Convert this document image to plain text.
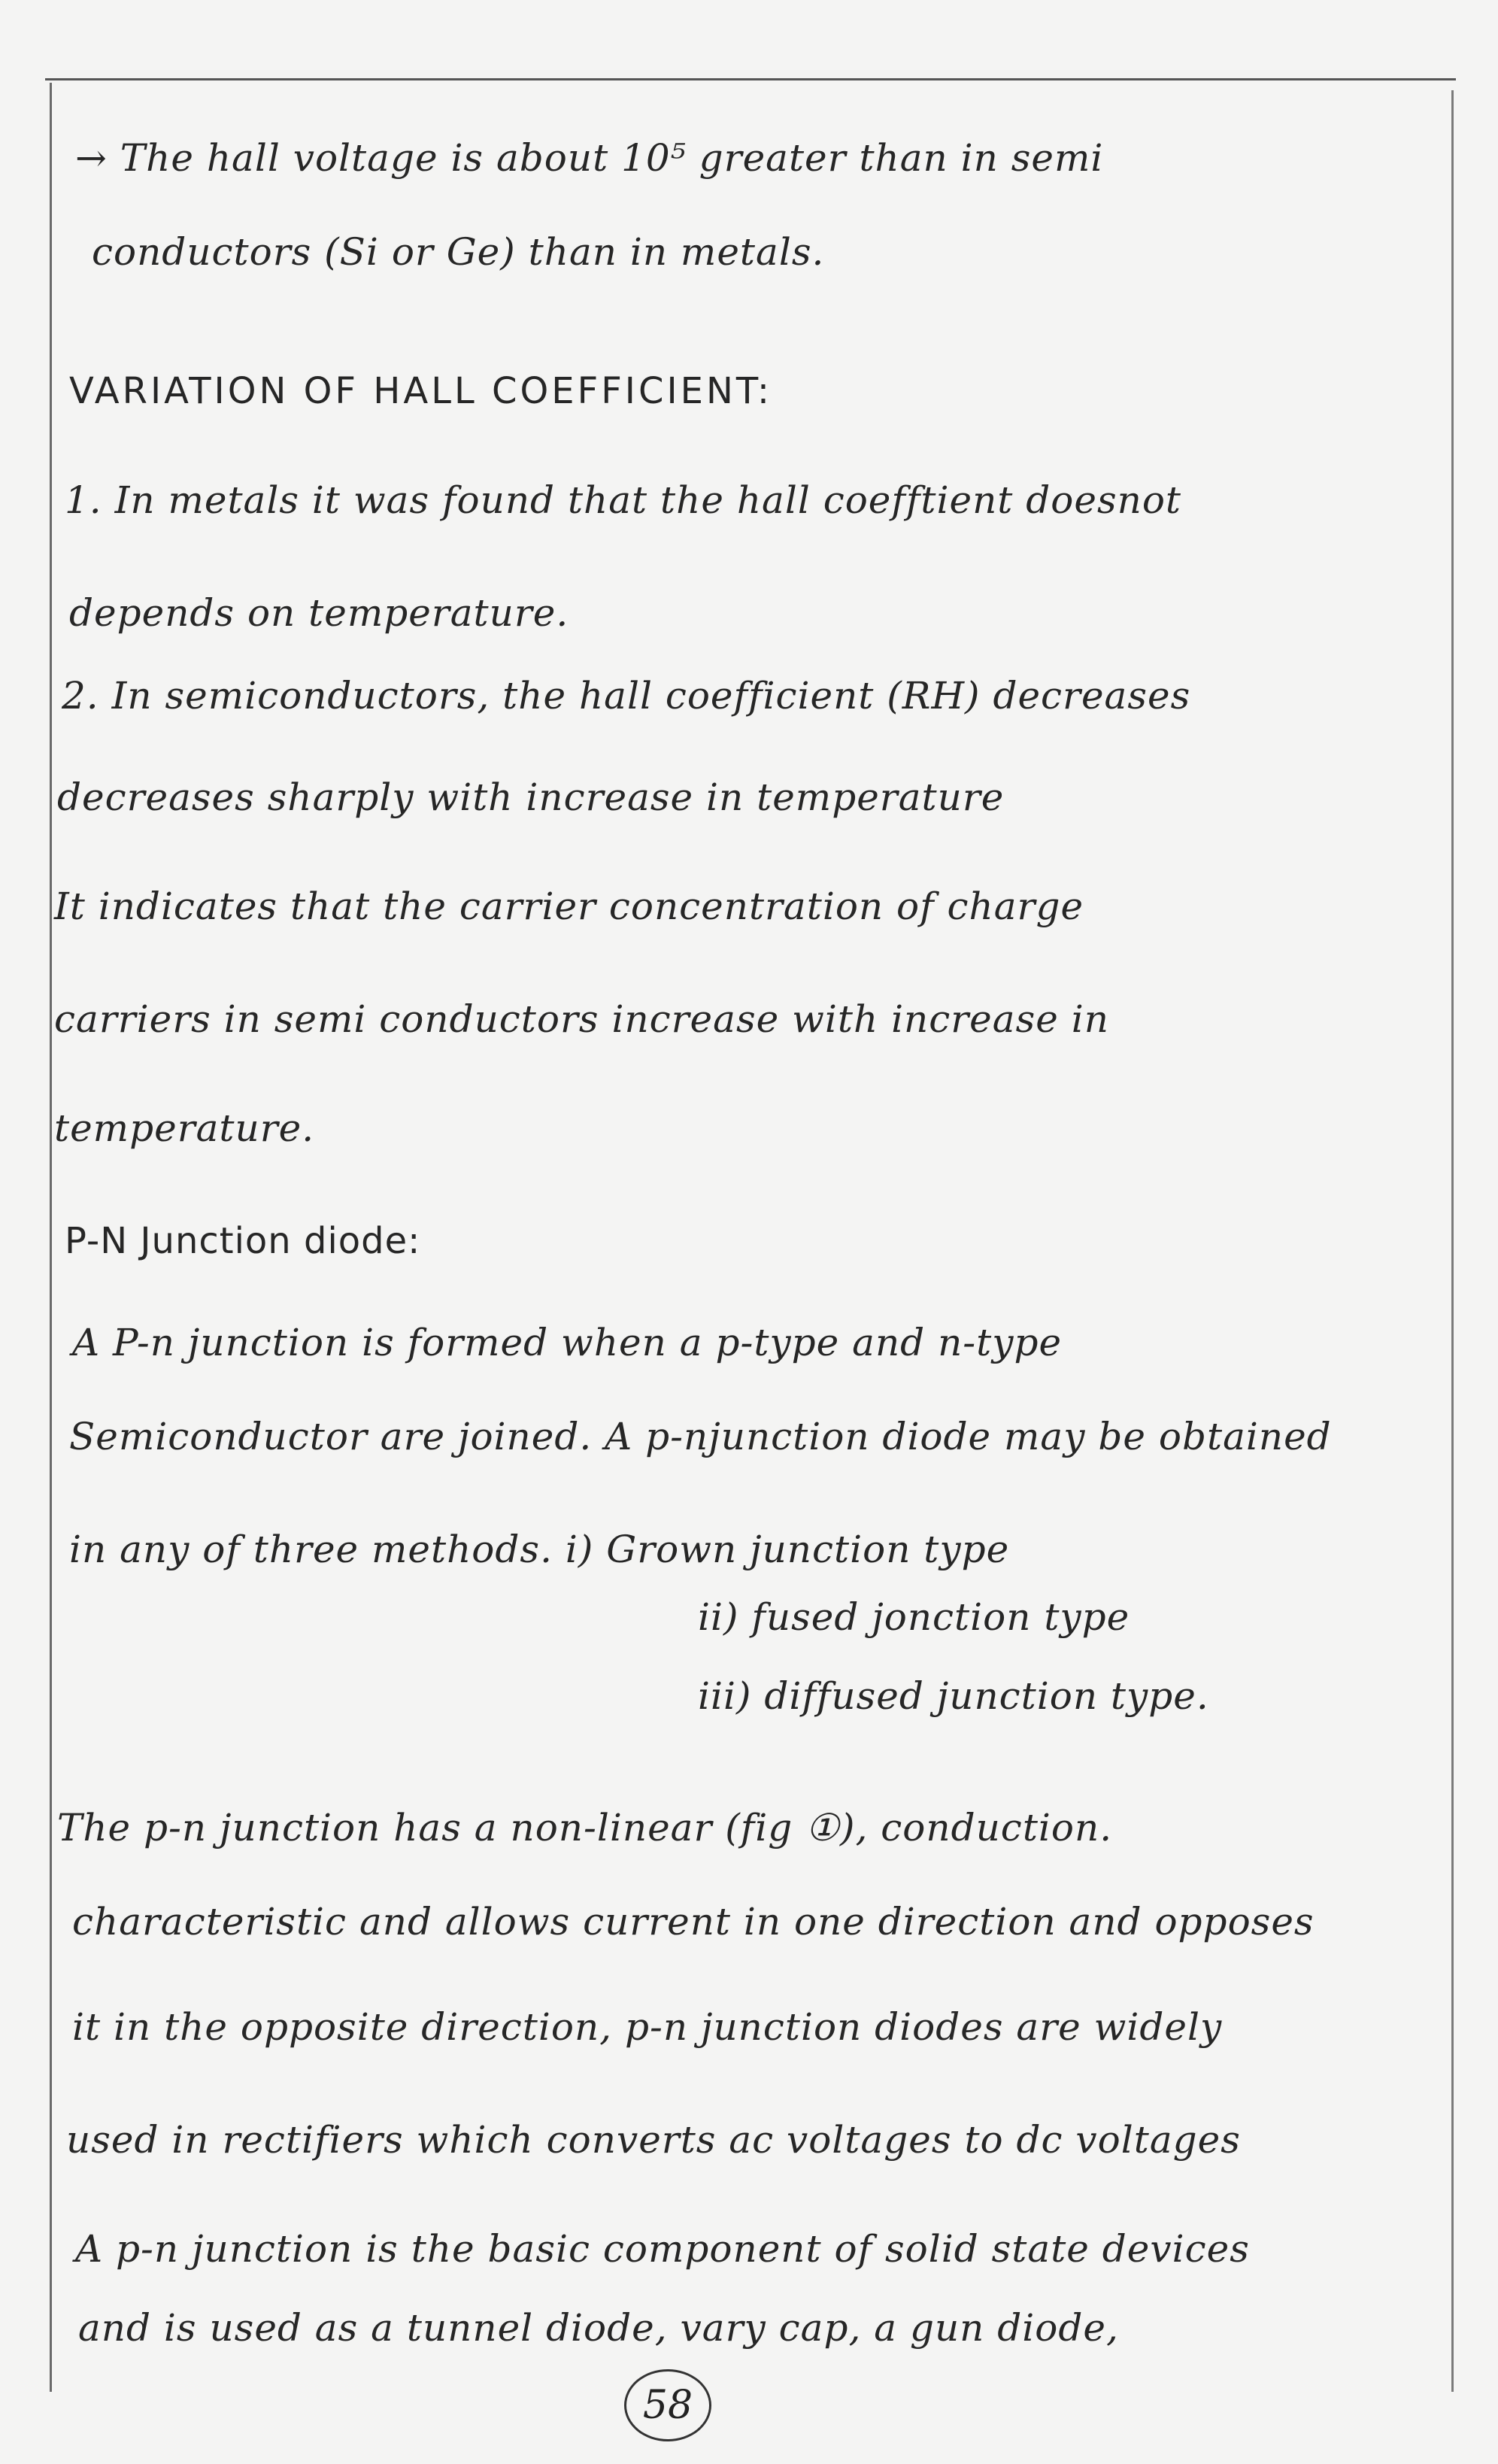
→ The hall voltage is about 10⁵ greater than in semi
conductors (Si or Ge) than in metals.
VARIATION OF HALL COEFFICIENT:
1. In metals it was found that the hall coefftient doesnot
depends on temperature.
2. In semiconductors, the hall coefficient (RH) decreases
decreases sharply with increase in temperature
It indicates that the carrier concentration of charge
carriers in semi conductors increase with increase in
temperature.
P-N Junction diode:
A P-n junction is formed when a p-type and n-type
Semiconductor are joined. A p-njunction diode may be obtained
in any of three methods. i) Grown junction type
ii) fused jonction type
iii) diffused junction type.
The p-n junction has a non-linear (fig ①), conduction.
characteristic and allows current in one direction and opposes
it in the opposite direction, p-n junction diodes are widely
used in rectifiers which converts ac voltages to dc voltages
A p-n junction is the basic component of solid state devices
and is used as a tunnel diode, vary cap, a gun diode,
58
